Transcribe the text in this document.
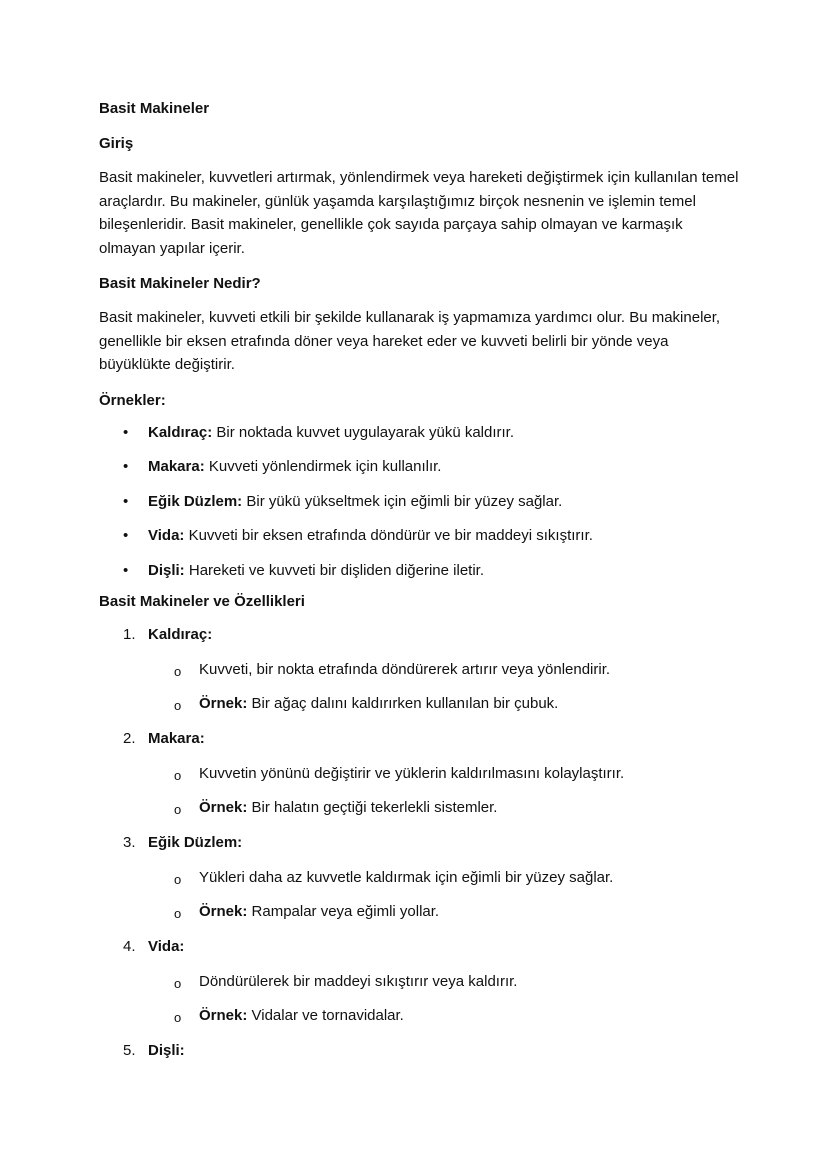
Basit Makineler

Giriş

Basit makineler, kuvvetleri artırmak, yönlendirmek veya hareketi değiştirmek için kullanılan temel araçlardır. Bu makineler, günlük yaşamda karşılaştığımız birçok nesnenin ve işlemin temel bileşenleridir. Basit makineler, genellikle çok sayıda parçaya sahip olmayan ve karmaşık olmayan yapılar içerir.

Basit Makineler Nedir?

Basit makineler, kuvveti etkili bir şekilde kullanarak iş yapmamıza yardımcı olur. Bu makineler, genellikle bir eksen etrafında döner veya hareket eder ve kuvveti belirli bir yönde veya büyüklükte değiştirir.

Örnekler:

• Kaldıraç: Bir noktada kuvvet uygulayarak yükü kaldırır.
• Makara: Kuvveti yönlendirmek için kullanılır.
• Eğik Düzlem: Bir yükü yükseltmek için eğimli bir yüzey sağlar.
• Vida: Kuvveti bir eksen etrafında döndürür ve bir maddeyi sıkıştırır.
• Dişli: Hareketi ve kuvveti bir dişliden diğerine iletir.

Basit Makineler ve Özellikleri

1. Kaldıraç:
o Kuvveti, bir nokta etrafında döndürerek artırır veya yönlendirir.
o Örnek: Bir ağaç dalını kaldırırken kullanılan bir çubuk.
2. Makara:
o Kuvvetin yönünü değiştirir ve yüklerin kaldırılmasını kolaylaştırır.
o Örnek: Bir halatın geçtiği tekerlekli sistemler.
3. Eğik Düzlem:
o Yükleri daha az kuvvetle kaldırmak için eğimli bir yüzey sağlar.
o Örnek: Rampalar veya eğimli yollar.
4. Vida:
o Döndürülerek bir maddeyi sıkıştırır veya kaldırır.
o Örnek: Vidalar ve tornavidalar.
5. Dişli:
